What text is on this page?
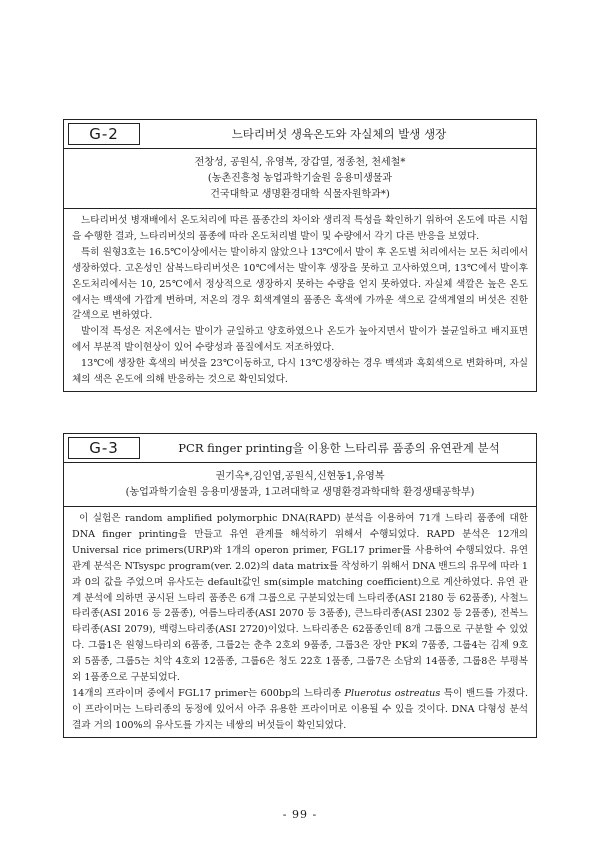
G-2	느타리버섯 생육온도와 자실체의 발생 생장
전창성, 공원식, 유영복, 장갑열, 정종천, 천세철*
(농촌진흥청 농업과학기술원 응용미생물과
건국대학교 생명환경대학 식물자원학과*)

느타리버섯 병재배에서 온도처리에 따른 품종간의 차이와 생리적 특성을 확인하기 위하여 온도에 따른 시험을 수행한 결과, 느타리버섯의 품종에 따라 온도처리별 발이 및 수량에서 각기 다른 반응을 보였다.

특히 원형3호는 16.5℃이상에서는 발이하지 않았으나 13℃에서 발이 후 온도별 처리에서는 모든 처리에서 생장하였다. 고온성인 삼복느타리버섯은 10℃에서는 발이후 생장을 못하고 고사하였으며, 13℃에서 발이후 온도처리에서는 10, 25℃에서 정상적으로 생장하지 못하는 수량을 얻지 못하였다. 자실체 색깔은 높은 온도에서는 백색에 가깝게 변하며, 저온의 경우 회색계열의 품종은 흑색에 가까운 색으로 갈색계열의 버섯은 진한 갈색으로 변하였다.

발이적 특성은 저온에서는 발이가 균일하고 양호하였으나 온도가 높아지면서 발이가 불균일하고 배지표면에서 부분적 발이현상이 있어 수량성과 품질에서도 저조하였다.

13℃에 생장한 흑색의 버섯을 23℃이동하고, 다시 13℃생장하는 경우 백색과 흑회색으로 변화하며, 자실체의 색은 온도에 의해 반응하는 것으로 확인되었다.

G-3	PCR finger printing을 이용한 느타리류 품종의 유연관계 분석
권기옥*,김인엽,공원식,신현동1,유영복
(농업과학기술원 응용미생물과, 1고려대학교 생명환경과학대학 환경생태공학부)

이 실험은 random amplified polymorphic DNA(RAPD) 분석을 이용하여 71개 느타리 품종에 대한 DNA finger printing을 만들고 유연 관계를 해석하기 위해서 수행되었다. RAPD 분석은 12개의 Universal rice primers(URP)와 1개의 operon primer, FGL17 primer를 사용하여 수행되었다. 유연 관계 분석은 NTsyspc program(ver. 2.02)의 data matrix를 작성하기 위해서 DNA 밴드의 유무에 따라 1과 0의 값을 주었으며 유사도는 default값인 sm(simple matching coefficient)으로 계산하였다. 유연 관계 분석에 의하면 공시된 느타리 품종은 6개 그룹으로 구분되었는데 느타리종(ASI 2180 등 62품종), 사철느타리종(ASI 2016 등 2품종), 여름느타리종(ASI 2070 등 3품종), 큰느타리종(ASI 2302 등 2품종), 전복느타리종(ASI 2079), 백령느타리종(ASI 2720)이었다. 느타리종은 62품종인데 8개 그룹으로 구분할 수 있었다. 그룹1은 원형느타리외 6품종, 그룹2는 춘추 2호외 9품종, 그룹3은 장안 PK외 7품종, 그룹4는 김제 9호외 5품종, 그룹5는 치악 4호외 12품종, 그룹6은 청도 22호 1품종, 그룹7은 소담외 14품종, 그룹8은 부평복외 1품종으로 구분되었다.

14개의 프라이머 중에서 FGL17 primer는 600bp의 느타리종 Pluerotus ostreatus 특이 밴드를 가졌다. 이 프라이머는 느타리종의 동정에 있어서 아주 유용한 프라이머로 이용될 수 있을 것이다. DNA 다형성 분석 결과 거의 100%의 유사도를 가지는 네쌍의 버섯들이 확인되었다.

- 99 -
